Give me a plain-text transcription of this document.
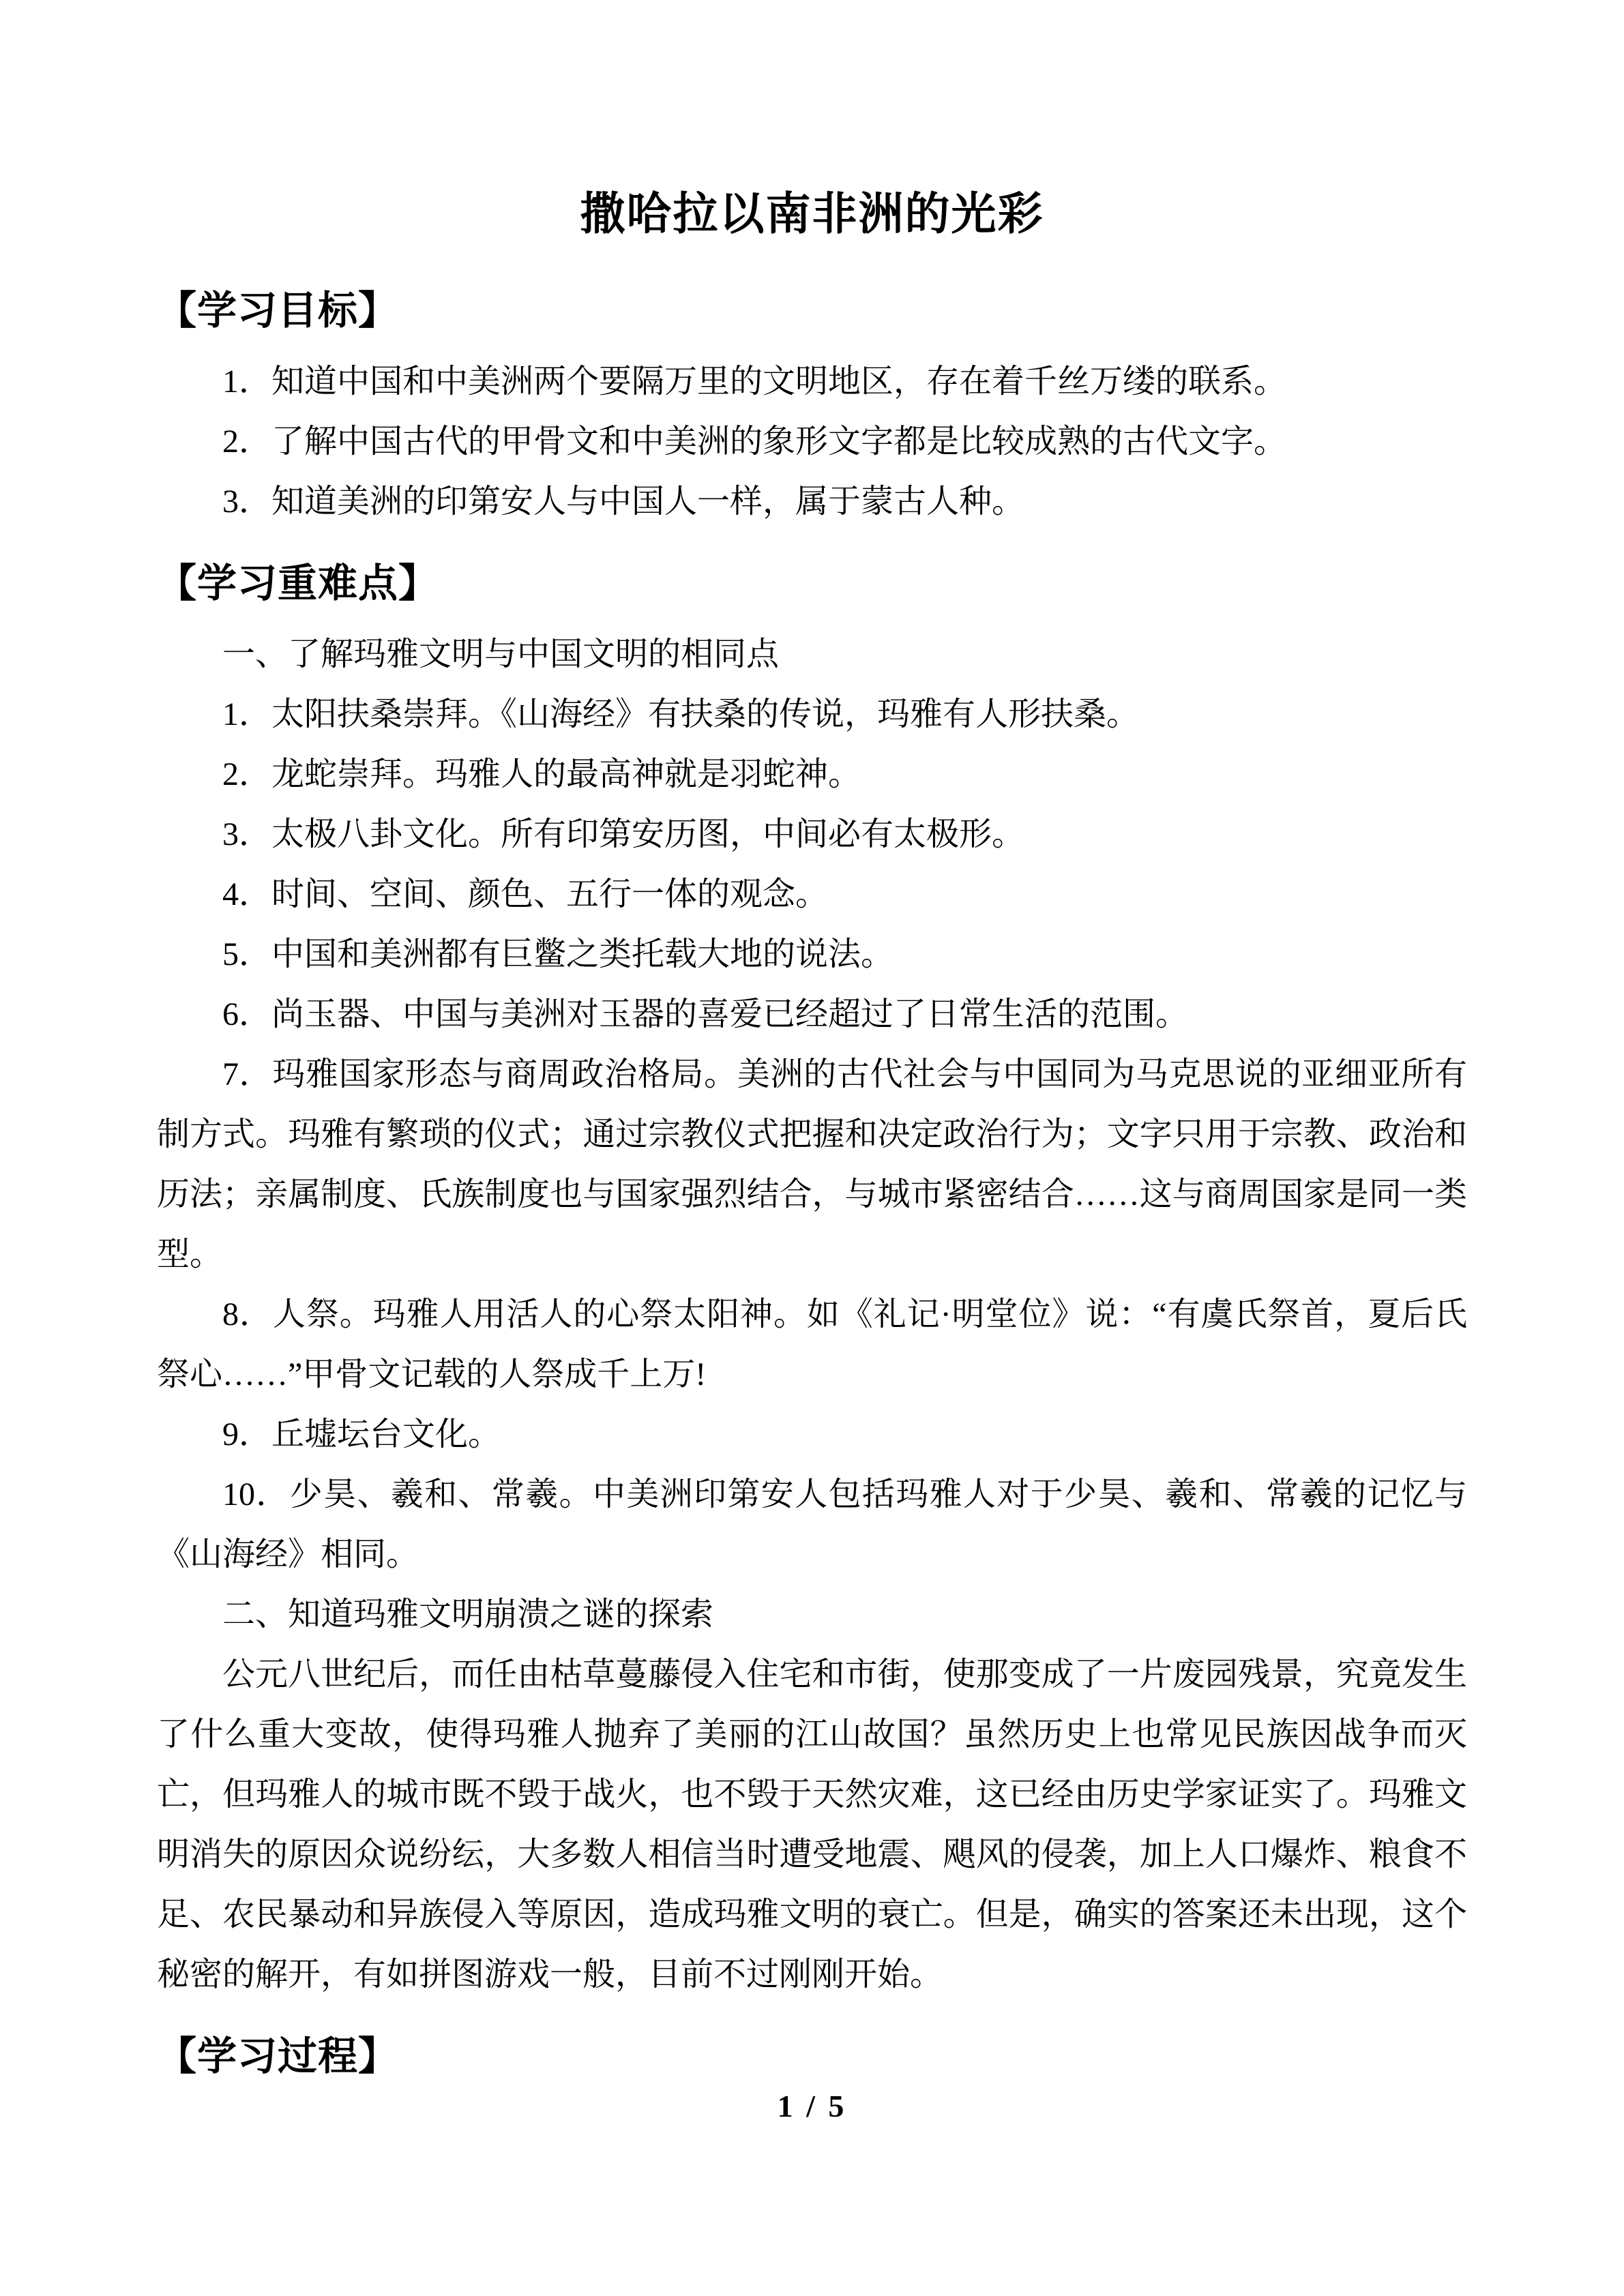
撒哈拉以南非洲的光彩
【学习目标】

1．知道中国和中美洲两个要隔万里的文明地区，存在着千丝万缕的联系。

2．了解中国古代的甲骨文和中美洲的象形文字都是比较成熟的古代文字。

3．知道美洲的印第安人与中国人一样，属于蒙古人种。

【学习重难点】

一、了解玛雅文明与中国文明的相同点

1．太阳扶桑崇拜。《山海经》有扶桑的传说，玛雅有人形扶桑。

2．龙蛇崇拜。玛雅人的最高神就是羽蛇神。

3．太极八卦文化。所有印第安历图，中间必有太极形。

4．时间、空间、颜色、五行一体的观念。

5．中国和美洲都有巨鳖之类托载大地的说法。

6．尚玉器、中国与美洲对玉器的喜爱已经超过了日常生活的范围。

7．玛雅国家形态与商周政治格局。美洲的古代社会与中国同为马克思说的亚细亚所有制方式。玛雅有繁琐的仪式；通过宗教仪式把握和决定政治行为；文字只用于宗教、政治和历法；亲属制度、氏族制度也与国家强烈结合，与城市紧密结合……这与商周国家是同一类型。

8．人祭。玛雅人用活人的心祭太阳神。如《礼记·明堂位》说：“有虞氏祭首，夏后氏祭心……”甲骨文记载的人祭成千上万!

9．丘墟坛台文化。

10．少昊、羲和、常羲。中美洲印第安人包括玛雅人对于少昊、羲和、常羲的记忆与《山海经》相同。

二、知道玛雅文明崩溃之谜的探索

公元八世纪后，而任由枯草蔓藤侵入住宅和市街，使那变成了一片废园残景，究竟发生了什么重大变故，使得玛雅人抛弃了美丽的江山故国？虽然历史上也常见民族因战争而灭亡，但玛雅人的城市既不毁于战火，也不毁于天然灾难，这已经由历史学家证实了。玛雅文明消失的原因众说纷纭，大多数人相信当时遭受地震、飓风的侵袭，加上人口爆炸、粮食不足、农民暴动和异族侵入等原因，造成玛雅文明的衰亡。但是，确实的答案还未出现，这个秘密的解开，有如拼图游戏一般，目前不过刚刚开始。

【学习过程】
1 / 5
